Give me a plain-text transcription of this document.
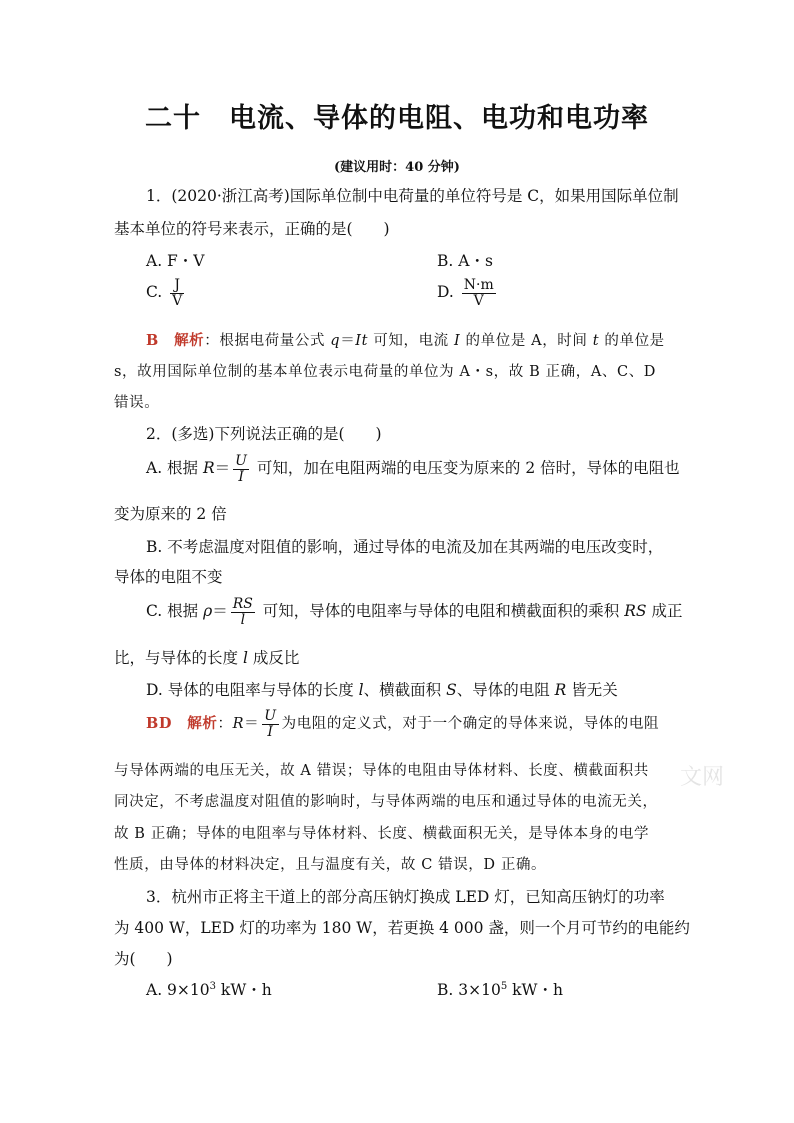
二十　电流、导体的电阻、电功和电功率
(建议用时：40 分钟)
1．(2020·浙江高考)国际单位制中电荷量的单位符号是 C，如果用国际单位制
基本单位的符号来表示，正确的是(　　)
A. F・V	B. A・s
C. $\frac{J}{V}$	D. $\frac{N\cdot m}{V}$
B 解析：根据电荷量公式 q＝It 可知，电流 I 的单位是 A，时间 t 的单位是
s，故用国际单位制的基本单位表示电荷量的单位为 A・s，故 B 正确，A、C、D
错误。
2．(多选)下列说法正确的是(　　)
A. 根据 $R= \frac{U}{I}$ 可知，加在电阻两端的电压变为原来的 2 倍时，导体的电阻也
变为原来的 2 倍
B. 不考虑温度对阻值的影响，通过导体的电流及加在其两端的电压改变时，
导体的电阻不变
C. 根据 $\rho= \frac{RS}{l}$ 可知，导体的电阻率与导体的电阻和横截面积的乘积 RS 成正
比，与导体的长度 l 成反比
D. 导体的电阻率与导体的长度 l、横截面积 S、导体的电阻 R 皆无关
BD 解析：$R= \frac{U}{I}$ 为电阻的定义式，对于一个确定的导体来说，导体的电阻
与导体两端的电压无关，故 A 错误；导体的电阻由导体材料、长度、横截面积共
同决定，不考虑温度对阻值的影响时，与导体两端的电压和通过导体的电流无关，
故 B 正确；导体的电阻率与导体材料、长度、横截面积无关，是导体本身的电学
性质，由导体的材料决定，且与温度有关，故 C 错误，D 正确。
3．杭州市正将主干道上的部分高压钠灯换成 LED 灯，已知高压钠灯的功率
为 400 W，LED 灯的功率为 180 W，若更换 4 000 盏，则一个月可节约的电能约
为(　　)
A. $9\times 10^3$ kW・h	B. $3\times 10^5$ kW・h
文网
